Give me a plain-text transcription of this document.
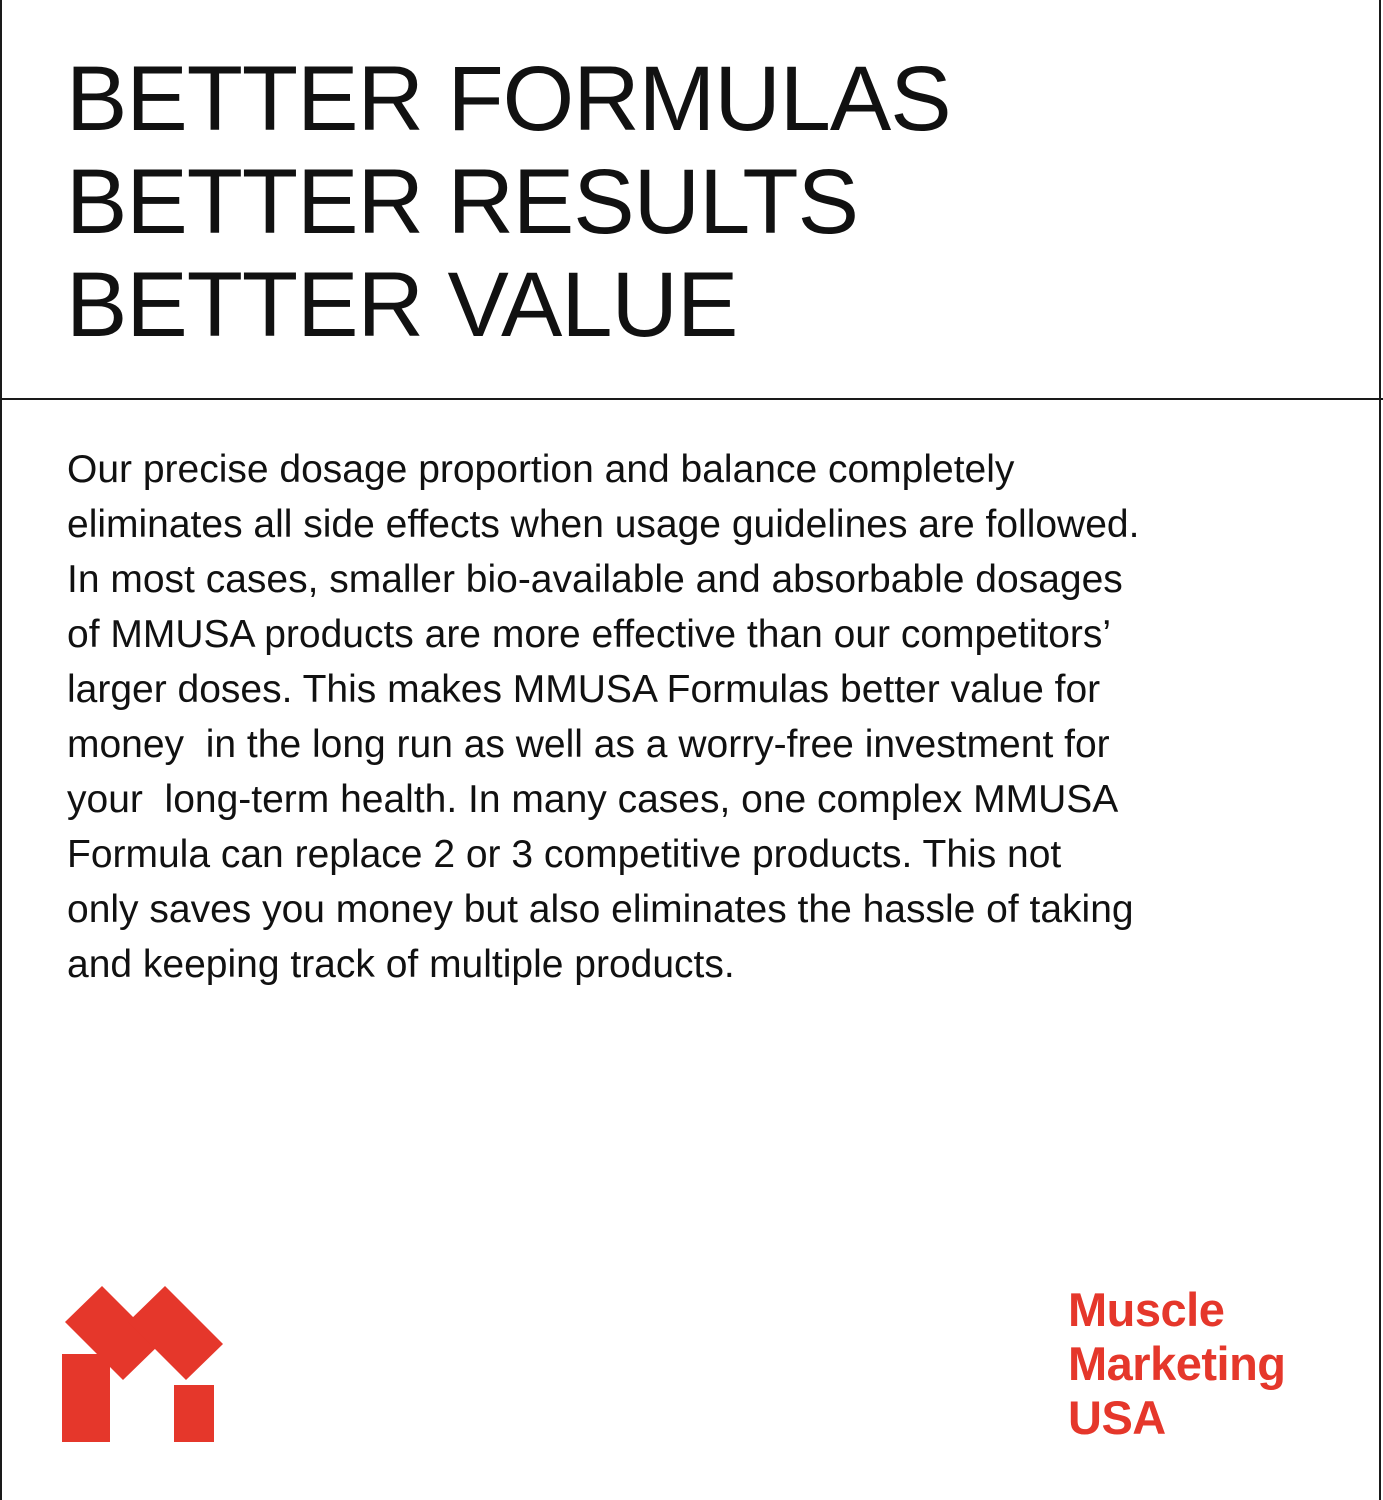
BETTER FORMULAS
BETTER RESULTS
BETTER VALUE

Our precise dosage proportion and balance completely
eliminates all side effects when usage guidelines are followed.
In most cases, smaller bio-available and absorbable dosages
of MMUSA products are more effective than our competitors’
larger doses. This makes MMUSA Formulas better value for
money  in the long run as well as a worry-free investment for
your  long-term health. In many cases, one complex MMUSA
Formula can replace 2 or 3 competitive products. This not
only saves you money but also eliminates the hassle of taking
and keeping track of multiple products.

Muscle
Marketing
USA
